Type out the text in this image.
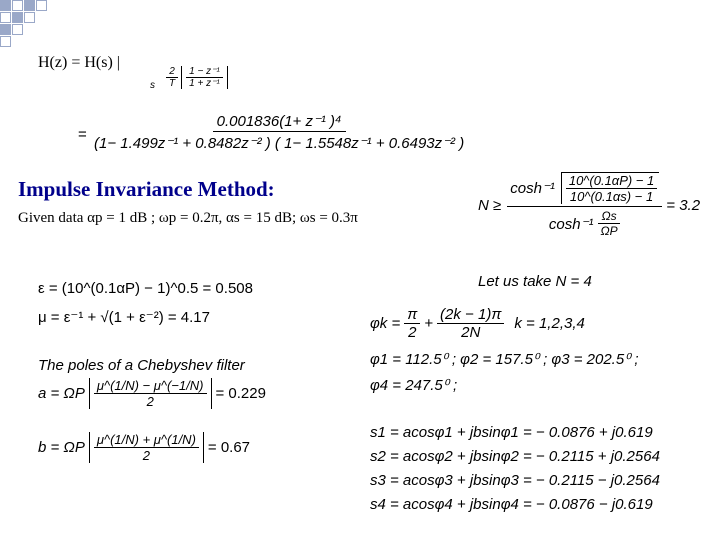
H(z) = H(s) |
s $\frac{2}{T} \frac{\text{1 − z⁻¹}}{\text{1 + z⁻¹}}$
= $\frac{\text{0.001836(1+ z⁻¹ )⁴}}{\text{(1− 1.499z⁻¹ + 0.8482z⁻² ) ( 1− 1.5548z⁻¹ + 0.6493z⁻² )}}$
Impulse Invariance Method:
Given data αp = 1 dB ; ωp = 0.2π, αs = 15 dB; ωs = 0.3π
N ≥
$\cosh^{-1} \frac{10\^{}(0.1\alpha P) - 1}{10\^{}(0.1\alpha s) - 1}$
$\cosh^{-1} \frac{\Omega s}{\Omega P}$
= 3.2
Let us take N = 4
ε = (10^(0.1αP) − 1)^0.5 = 0.508
μ = ε⁻¹ + √(1 + ε⁻²) = 4.17
The poles of a Chebyshev filter
a = ΩP $\frac{\mu\^{}(1/N) - \mu\^{}(-1/N)}{2} = 0.229$
b = ΩP $\frac{\mu\^{}(1/N) + \mu\^{}(1/N)}{2} = 0.67$
$\varphi k = \frac{\pi}{2} + \frac{(2k - 1)\pi}{2N}$ k = 1,2,3,4
φ1 = 112.5⁰ ; φ2 = 157.5⁰ ; φ3 = 202.5⁰ ;
φ4 = 247.5⁰ ;
s1 = acosφ1 + jbsinφ1 = − 0.0876 + j0.619
s2 = acosφ2 + jbsinφ2 = − 0.2115 + j0.2564
s3 = acosφ3 + jbsinφ3 = − 0.2115 − j0.2564
s4 = acosφ4 + jbsinφ4 = − 0.0876 − j0.619
